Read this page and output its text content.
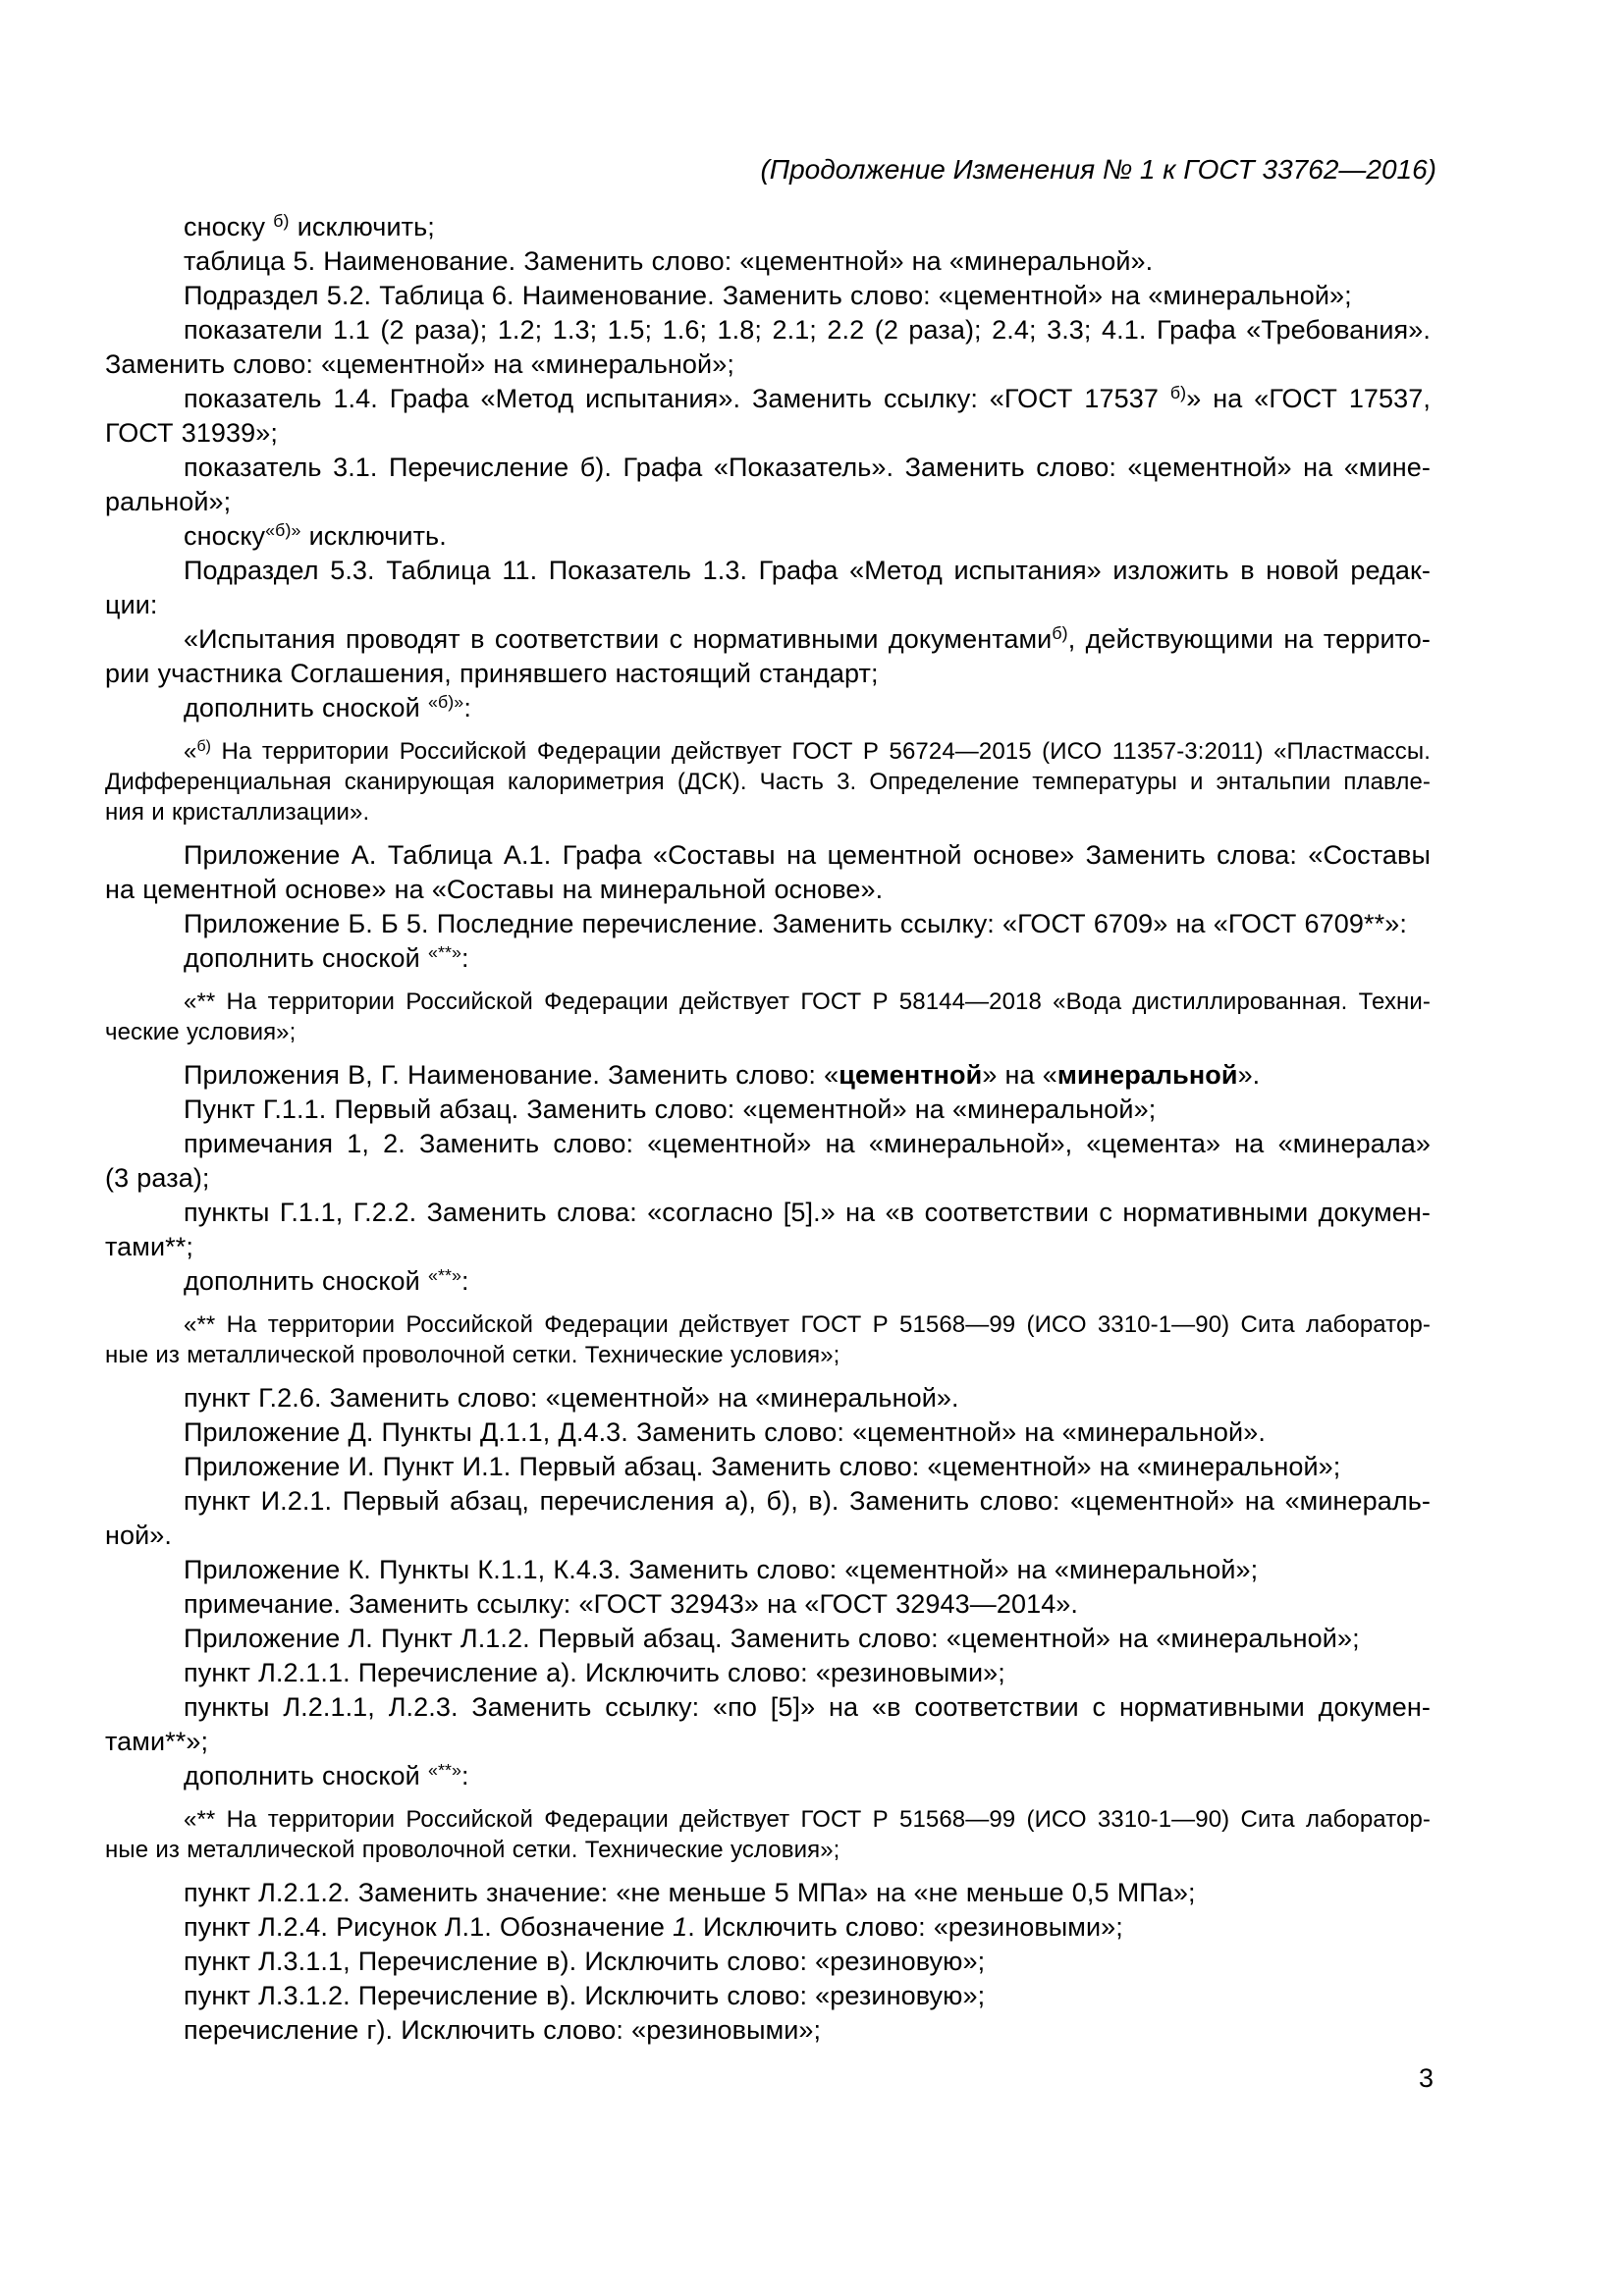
(Продолжение Изменения № 1 к ГОСТ 33762—2016)
сноску $^{б)}$ исключить;
таблица 5. Наименование. Заменить слово: «цементной» на «минеральной».
Подраздел 5.2. Таблица 6. Наименование. Заменить слово: «цементной» на «минеральной»;
показатели 1.1 (2 раза); 1.2; 1.3; 1.5; 1.6; 1.8; 2.1; 2.2 (2 раза); 2.4; 3.3; 4.1. Графа «Требования».
Заменить слово: «цементной» на «минеральной»;
показатель 1.4. Графа «Метод испытания». Заменить ссылку: «ГОСТ 17537 $^{б)}$» на «ГОСТ 17537,
ГОСТ 31939»;
показатель 3.1. Перечисление б). Графа «Показатель». Заменить слово: «цементной» на «мине-
ральной»;
сноску$^{«б)»}$ исключить.
Подраздел 5.3. Таблица 11. Показатель 1.3. Графа «Метод испытания» изложить в новой редак-
ции:
«Испытания проводят в соответствии с нормативными документами$^{б)}$, действующими на террито-
рии участника Соглашения, принявшего настоящий стандарт;
дополнить сноской $^{«б)»}$:
«$^{б)}$ На территории Российской Федерации действует ГОСТ Р 56724—2015 (ИСО 11357-3:2011) «Пластмассы.
Дифференциальная сканирующая калориметрия (ДСК). Часть 3. Определение температуры и энтальпии плавле-
ния и кристаллизации».
Приложение А. Таблица А.1. Графа «Составы на цементной основе» Заменить слова: «Составы
на цементной основе» на «Составы на минеральной основе».
Приложение Б. Б 5. Последние перечисление. Заменить ссылку: «ГОСТ 6709» на «ГОСТ 6709**»:
дополнить сноской «**»:
«** На территории Российской Федерации действует ГОСТ Р 58144—2018 «Вода дистиллированная. Техни-
ческие условия»;
Приложения В, Г. Наименование. Заменить слово: «цементной» на «минеральной».
Пункт Г.1.1. Первый абзац. Заменить слово: «цементной» на «минеральной»;
примечания 1, 2. Заменить слово: «цементной» на «минеральной», «цемента» на «минерала»
(3 раза);
пункты Г.1.1, Г.2.2. Заменить слова: «согласно [5].» на «в соответствии с нормативными докумен-
тами**;
дополнить сноской «**»:
«** На территории Российской Федерации действует ГОСТ Р 51568—99 (ИСО 3310-1—90) Сита лаборатор-
ные из металлической проволочной сетки. Технические условия»;
пункт Г.2.6. Заменить слово: «цементной» на «минеральной».
Приложение Д. Пункты Д.1.1, Д.4.3. Заменить слово: «цементной» на «минеральной».
Приложение И. Пункт И.1. Первый абзац. Заменить слово: «цементной» на «минеральной»;
пункт И.2.1. Первый абзац, перечисления а), б), в). Заменить слово: «цементной» на «минераль-
ной».
Приложение К. Пункты К.1.1, К.4.3. Заменить слово: «цементной» на «минеральной»;
примечание. Заменить ссылку: «ГОСТ 32943» на «ГОСТ 32943—2014».
Приложение Л. Пункт Л.1.2. Первый абзац. Заменить слово: «цементной» на «минеральной»;
пункт Л.2.1.1. Перечисление а). Исключить слово: «резиновыми»;
пункты Л.2.1.1, Л.2.3. Заменить ссылку: «по [5]» на «в соответствии с нормативными докумен-
тами**»;
дополнить сноской «**»:
«** На территории Российской Федерации действует ГОСТ Р 51568—99 (ИСО 3310-1—90) Сита лаборатор-
ные из металлической проволочной сетки. Технические условия»;
пункт Л.2.1.2. Заменить значение: «не меньше 5 МПа» на «не меньше 0,5 МПа»;
пункт Л.2.4. Рисунок Л.1. Обозначение 1. Исключить слово: «резиновыми»;
пункт Л.3.1.1, Перечисление в). Исключить слово: «резиновую»;
пункт Л.3.1.2. Перечисление в). Исключить слово: «резиновую»;
перечисление г). Исключить слово: «резиновыми»;
3
